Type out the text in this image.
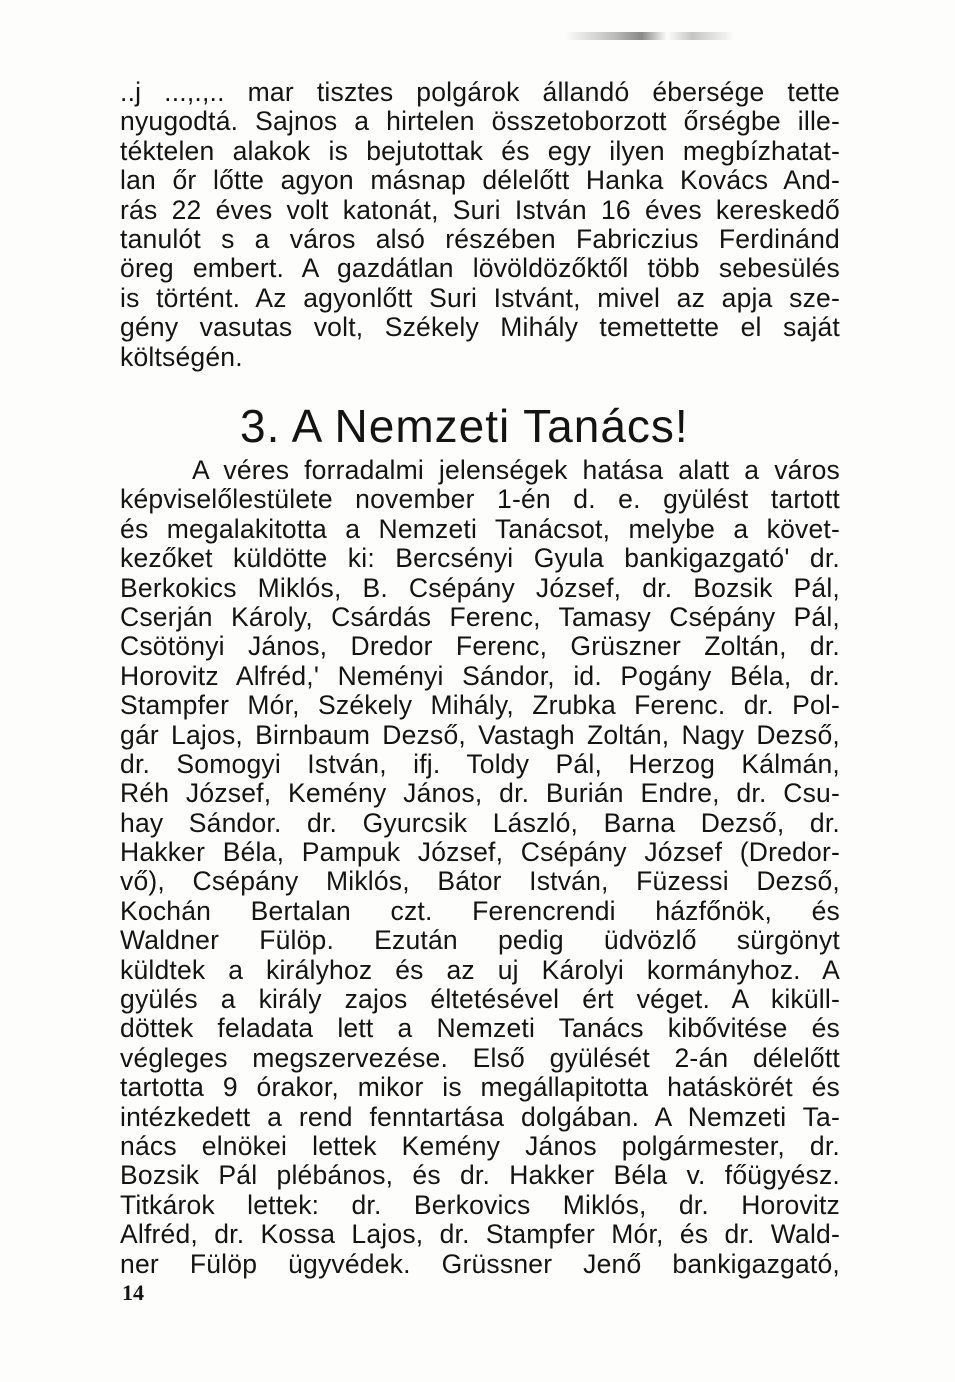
..j ...,.,.. mar tisztes polgárok állandó éberségе tette
nyugodtá. Sajnos a hirtelen összetoborzott őrségbe ille-
téktelen alakok is bejutottak és egy ilyen megbízhatat-
lan őr lőtte agyon másnap délelőtt Hanka Kovács And-
rás 22 éves volt katonát, Suri István 16 éves kereskedő
tanulót s a város alsó részében Fabriczius Ferdinánd
öreg embert. A gazdátlan lövöldözőktől több sebesülés
is történt. Az agyonlőtt Suri Istvánt, mivel az apja sze-
gény vasutas volt, Székely Mihály temettette el saját
költségén.
3. A Nemzeti Tanács!
A véres forradalmi jelenségek hatása alatt a város
képviselőlestülete november 1-én d. e. gyülést tartott
és megalakitotta a Nemzeti Tanácsot, melybe a követ-
kezőket küldötte ki: Bercsényi Gyula bankigazgató' dr.
Berkokics Miklós, B. Csépány József, dr. Bozsik Pál,
Cserján Károly, Csárdás Ferenc, Tamasy Csépány Pál,
Csötönyi János, Dredor Ferenc, Grüszner Zoltán, dr.
Horovitz Alfréd,' Neményi Sándor, id. Pogány Béla, dr.
Stampfer Mór, Székely Mihály, Zrubka Ferenc. dr. Pol-
gár Lajos, Birnbaum Dezső, Vastagh Zoltán, Nagy Dezső,
dr. Somogyi István, ifj. Toldy Pál, Herzog Kálmán,
Réh József, Kemény János, dr. Burián Endre, dr. Csu-
hay Sándor. dr. Gyurcsik László, Barna Dezső, dr.
Hakker Béla, Pampuk József, Csépány József (Dredor-
vő), Csépány Miklós, Bátor István, Füzessi Dezső,
Kochán Bertalan czt. Ferencrendi házfőnök, és
Waldner Fülöp. Ezután pedig üdvözlő sürgönyt
küldtek a királyhoz és az uj Károlyi kormányhoz. A
gyülés a király zajos éltetésével ért véget. A kiküll-
döttek feladata lett a Nemzeti Tanács kibővitése és
végleges megszervezése. Első gyülését 2-án délelőtt
tartotta 9 órakor, mikor is megállapitotta hatáskörét és
intézkedett a rend fenntartása dolgában. A Nemzeti Ta-
nács elnökei lettek Kemény János polgármester, dr.
Bozsik Pál plébános, és dr. Hakker Béla v. főügyész.
Titkárok lettek: dr. Berkovics Miklós, dr. Horovitz
Alfréd, dr. Kossa Lajos, dr. Stampfer Mór, és dr. Wald-
ner Fülöp ügyvédek. Grüssner Jenő bankigazgató,
14
